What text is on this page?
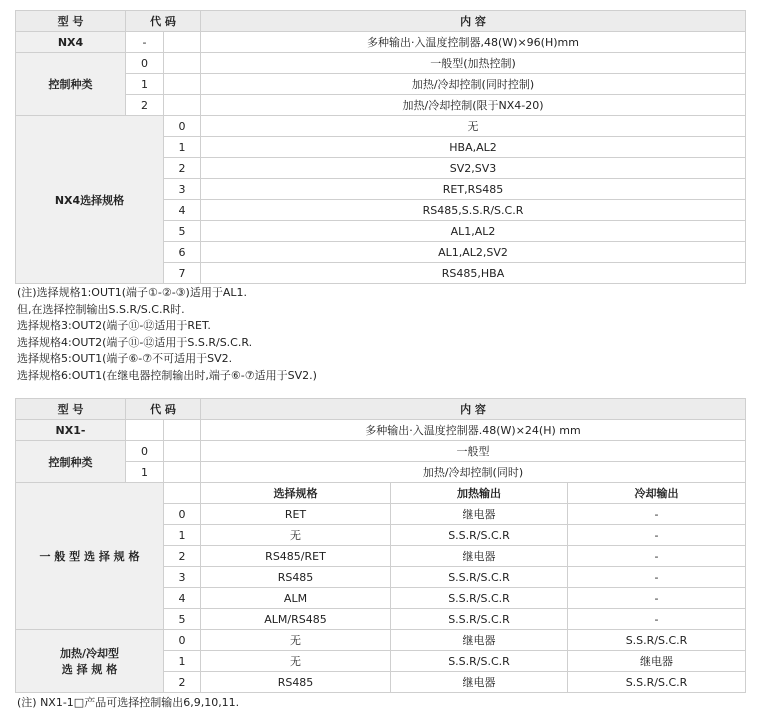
型 号	代 码		内 容
NX4	-		多种输出·入温度控制器,48(W)×96(H)mm
控制种类	0		一般型(加热控制)
	1		加热/冷却控制(同时控制)
	2		加热/冷却控制(限于NX4-20)
NX4选择规格		0	无
		1	HBA,AL2
		2	SV2,SV3
		3	RET,RS485
		4	RS485,S.S.R/S.C.R
		5	AL1,AL2
		6	AL1,AL2,SV2
		7	RS485,HBA
(注)选择规格1:OUT1(端子①-②-③)适用于AL1.
但,在选择控制输出S.S.R/S.C.R时.
选择规格3:OUT2(端子⑪-⑫适用于RET.
选择规格4:OUT2(端子⑪-⑫适用于S.S.R/S.C.R.
选择规格5:OUT1(端子⑥-⑦不可适用于SV2.
选择规格6:OUT1(在继电器控制输出时,端子⑥-⑦适用于SV2.)
型 号	代 码		内 容		
NX1-			多种输出·入温度控制器.48(W)×24(H) mm		
控制种类	0		一般型		
	1		加热/冷却控制(同时)		
一 般 型 选 择 规 格			选择规格	加热输出	冷却输出
		0	RET	继电器	-
		1	无	S.S.R/S.C.R	-
		2	RS485/RET	继电器	-
		3	RS485	S.S.R/S.C.R	-
		4	ALM	S.S.R/S.C.R	-
		5	ALM/RS485	S.S.R/S.C.R	-

加热/冷却型
选 择 规 格		0	无	继电器	S.S.R/S.C.R
		1	无	S.S.R/S.C.R	继电器
		2	RS485	继电器	S.S.R/S.C.R
(注) NX1-1□产品可选择控制输出6,9,10,11.
